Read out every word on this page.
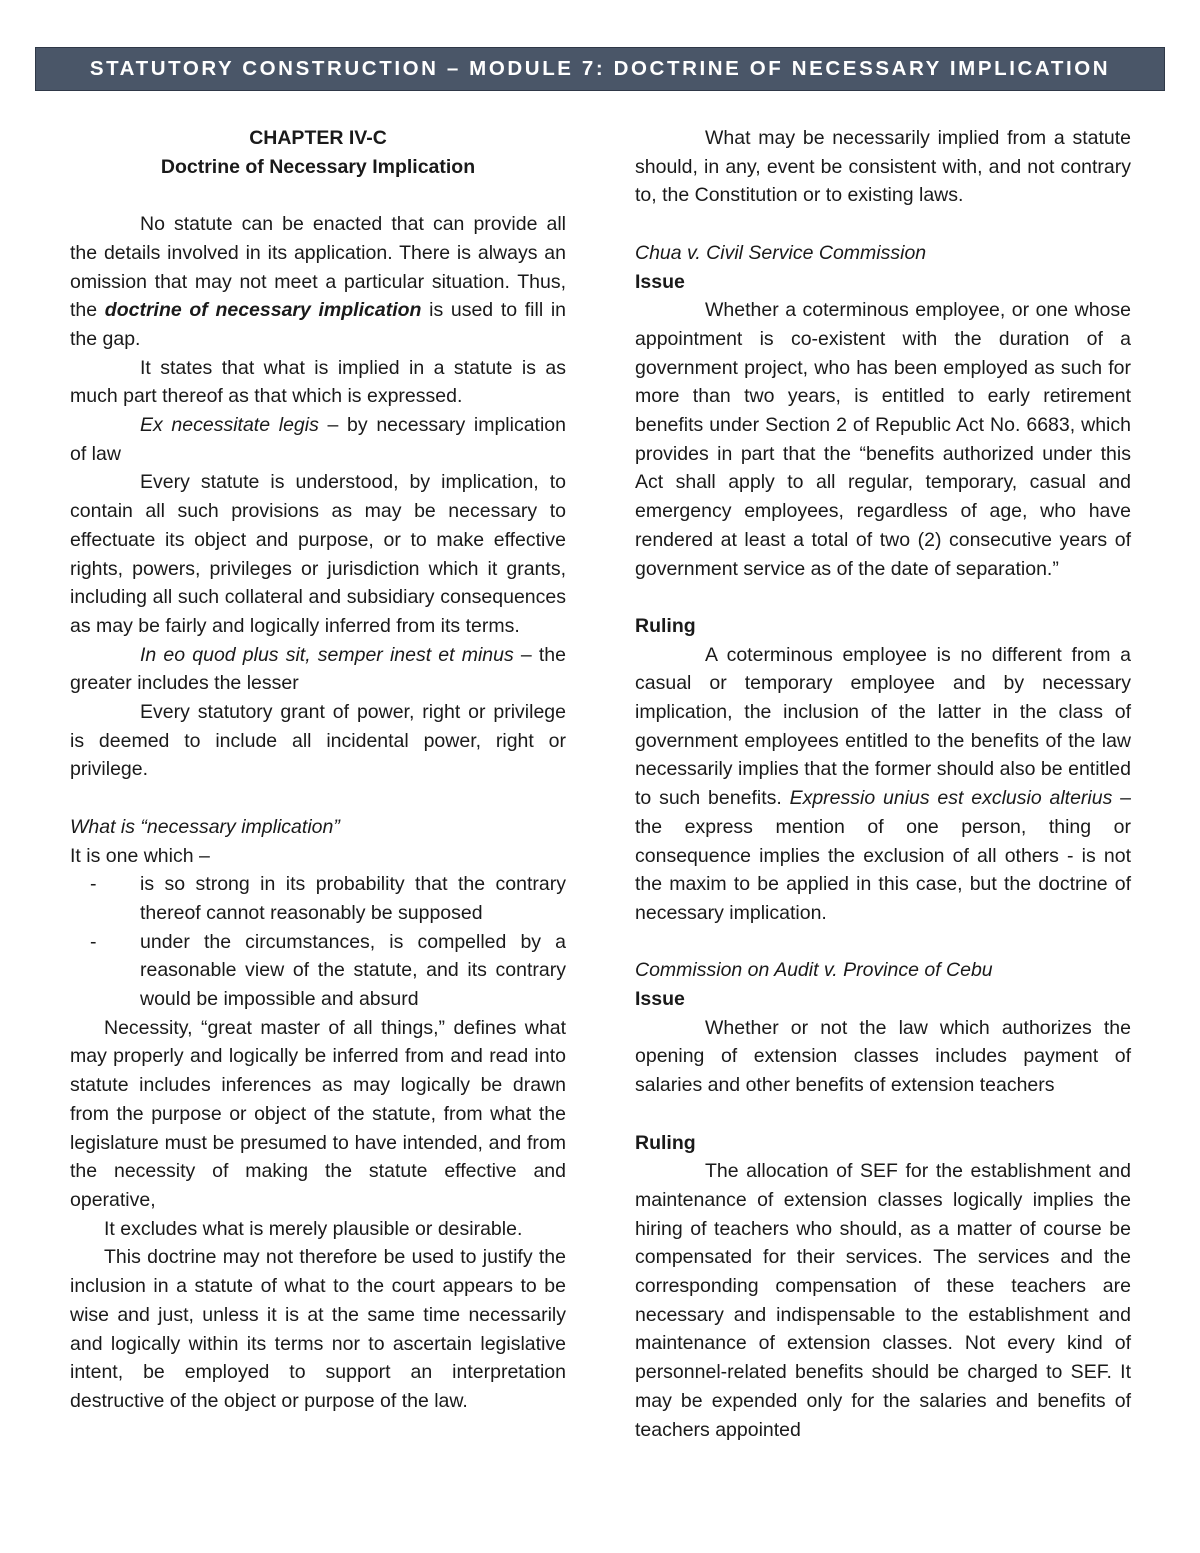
STATUTORY CONSTRUCTION – MODULE 7: DOCTRINE OF NECESSARY IMPLICATION

CHAPTER IV-C

Doctrine of Necessary Implication

No statute can be enacted that can provide all the details involved in its application. There is always an omission that may not meet a particular situation. Thus, the doctrine of necessary implication is used to fill in the gap.

It states that what is implied in a statute is as much part thereof as that which is expressed.

Ex necessitate legis – by necessary implication of law

Every statute is understood, by implication, to contain all such provisions as may be necessary to effectuate its object and purpose, or to make effective rights, powers, privileges or jurisdiction which it grants, including all such collateral and subsidiary consequences as may be fairly and logically inferred from its terms.

In eo quod plus sit, semper inest et minus – the greater includes the lesser

Every statutory grant of power, right or privilege is deemed to include all incidental power, right or privilege.

What is “necessary implication”

It is one which –

-	is so strong in its probability that the contrary thereof cannot reasonably be supposed
-	under the circumstances, is compelled by a reasonable view of the statute, and its contrary would be impossible and absurd

Necessity, “great master of all things,” defines what may properly and logically be inferred from and read into statute includes inferences as may logically be drawn from the purpose or object of the statute, from what the legislature must be presumed to have intended, and from the necessity of making the statute effective and operative,

It excludes what is merely plausible or desirable.

This doctrine may not therefore be used to justify the inclusion in a statute of what to the court appears to be wise and just, unless it is at the same time necessarily and logically within its terms nor to ascertain legislative intent, be employed to support an interpretation destructive of the object or purpose of the law.

What may be necessarily implied from a statute should, in any, event be consistent with, and not contrary to, the Constitution or to existing laws.

Chua v. Civil Service Commission

Issue

Whether a coterminous employee, or one whose appointment is co-existent with the duration of a government project, who has been employed as such for more than two years, is entitled to early retirement benefits under Section 2 of Republic Act No. 6683, which provides in part that the “benefits authorized under this Act shall apply to all regular, temporary, casual and emergency employees, regardless of age, who have rendered at least a total of two (2) consecutive years of government service as of the date of separation.”

Ruling

A coterminous employee is no different from a casual or temporary employee and by necessary implication, the inclusion of the latter in the class of government employees entitled to the benefits of the law necessarily implies that the former should also be entitled to such benefits. Expressio unius est exclusio alterius – the express mention of one person, thing or consequence implies the exclusion of all others - is not the maxim to be applied in this case, but the doctrine of necessary implication.

Commission on Audit v. Province of Cebu

Issue

Whether or not the law which authorizes the opening of extension classes includes payment of salaries and other benefits of extension teachers

Ruling

The allocation of SEF for the establishment and maintenance of extension classes logically implies the hiring of teachers who should, as a matter of course be compensated for their services. The services and the corresponding compensation of these teachers are necessary and indispensable to the establishment and maintenance of extension classes. Not every kind of personnel-related benefits should be charged to SEF. It may be expended only for the salaries and benefits of teachers appointed
